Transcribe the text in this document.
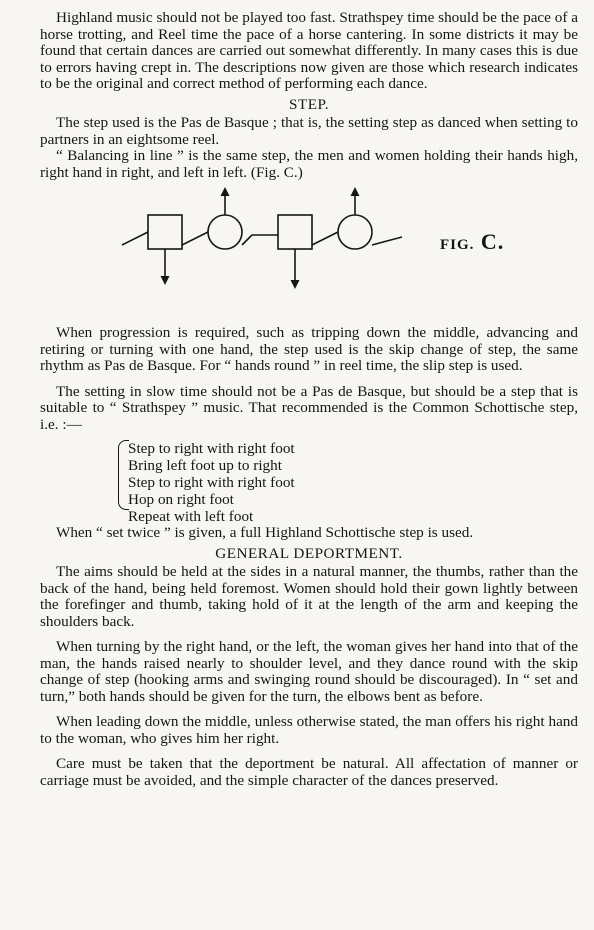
Highland music should not be played too fast. Strathspey time should be the pace of a horse trotting, and Reel time the pace of a horse cantering. In some districts it may be found that certain dances are carried out somewhat differently. In many cases this is due to errors having crept in. The descriptions now given are those which research indicates to be the original and correct method of performing each dance.

STEP.

The step used is the Pas de Basque ; that is, the setting step as danced when setting to partners in an eightsome reel.

“ Balancing in line ” is the same step, the men and women holding their hands high, right hand in right, and left in left. (Fig. C.)

FIG. C.

When progression is required, such as tripping down the middle, advancing and retiring or turning with one hand, the step used is the skip change of step, the same rhythm as Pas de Basque. For “ hands round ” in reel time, the slip step is used.

The setting in slow time should not be a Pas de Basque, but should be a step that is suitable to “ Strathspey ” music. That recommended is the Common Schottische step, i.e. :—

Step to right with right foot
Bring left foot up to right
Step to right with right foot
Hop on right foot
Repeat with left foot

When “ set twice ” is given, a full Highland Schottische step is used.

GENERAL DEPORTMENT.

The aims should be held at the sides in a natural manner, the thumbs, rather than the back of the hand, being held foremost. Women should hold their gown lightly between the forefinger and thumb, taking hold of it at the length of the arm and keeping the shoulders back.

When turning by the right hand, or the left, the woman gives her hand into that of the man, the hands raised nearly to shoulder level, and they dance round with the skip change of step (hooking arms and swinging round should be discouraged). In “ set and turn,” both hands should be given for the turn, the elbows bent as before.

When leading down the middle, unless otherwise stated, the man offers his right hand to the woman, who gives him her right.

Care must be taken that the deportment be natural. All affectation of manner or carriage must be avoided, and the simple character of the dances preserved.
